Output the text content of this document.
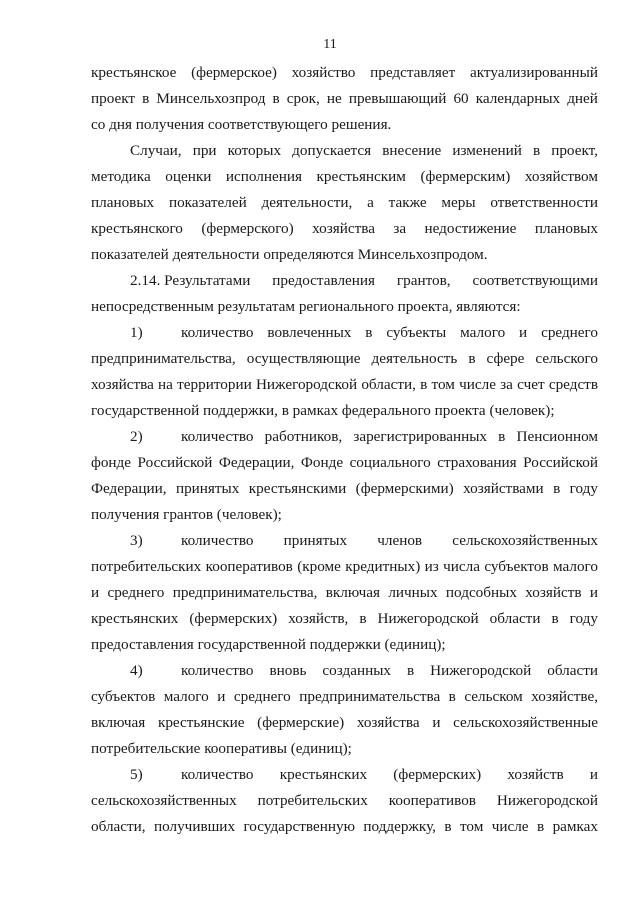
11
крестьянское (фермерское) хозяйство представляет актуализированный
проект в Минсельхозпрод в срок, не превышающий 60 календарных дней
со дня получения соответствующего решения.
Случаи, при которых допускается внесение изменений в проект,
методика оценки исполнения крестьянским (фермерским) хозяйством
плановых показателей деятельности, а также меры ответственности
крестьянского (фермерского) хозяйства за недостижение плановых
показателей деятельности определяются Минсельхозпродом.
2.14. Результатами предоставления грантов, соответствующими
непосредственным результатам регионального проекта, являются:
1)	количество вовлеченных в субъекты малого и среднего предпринимательства, осуществляющие деятельность в сфере сельского хозяйства на территории Нижегородской области, в том числе за счет средств государственной поддержки, в рамках федерального проекта (человек);
2)	количество работников, зарегистрированных в Пенсионном фонде Российской Федерации, Фонде социального страхования Российской Федерации, принятых крестьянскими (фермерскими) хозяйствами в году получения грантов (человек);
3)	количество принятых членов сельскохозяйственных потребительских кооперативов (кроме кредитных) из числа субъектов малого и среднего предпринимательства, включая личных подсобных хозяйств и крестьянских (фермерских) хозяйств, в Нижегородской области в году предоставления государственной поддержки (единиц);
4)	количество вновь созданных в Нижегородской области субъектов малого и среднего предпринимательства в сельском хозяйстве, включая крестьянские (фермерские) хозяйства и сельскохозяйственные потребительские кооперативы (единиц);
5)	количество крестьянских (фермерских) хозяйств и сельскохозяйственных потребительских кооперативов Нижегородской области, получивших государственную поддержку, в том числе в рамках
